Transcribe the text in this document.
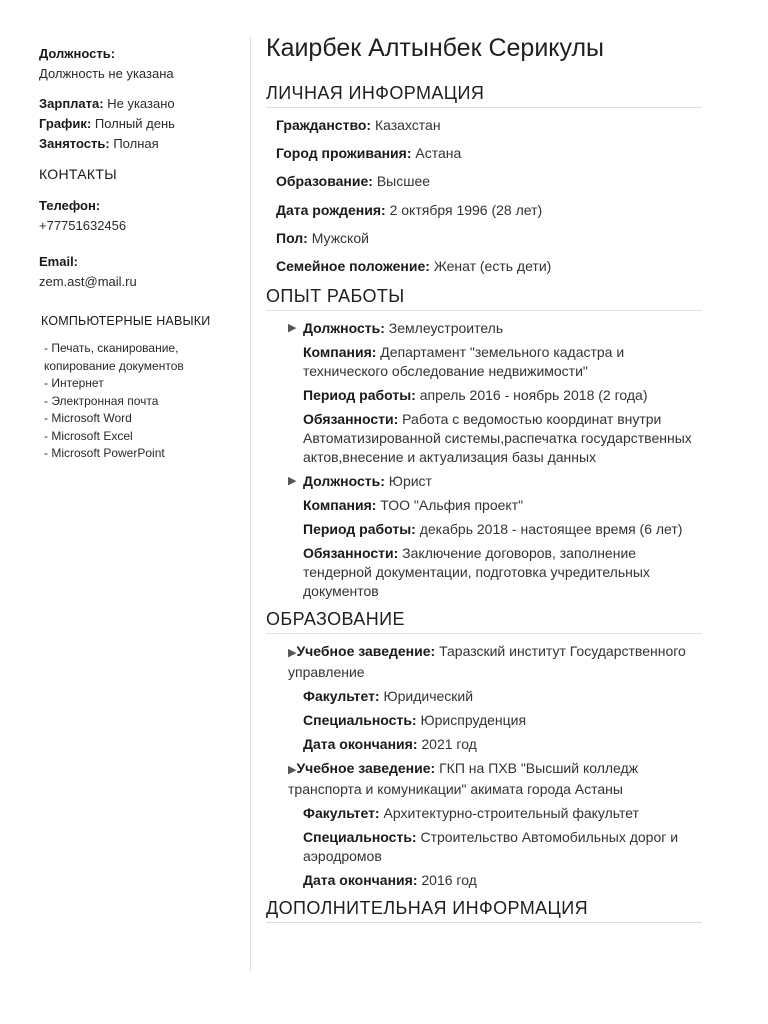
Должность:
Должность не указана
Зарплата: Не указано
График: Полный день
Занятость: Полная
КОНТАКТЫ
Телефон:
+77751632456
Email:
zem.ast@mail.ru
КОМПЬЮТЕРНЫЕ НАВЫКИ
- Печать, сканирование, копирование документов
- Интернет
- Электронная почта
- Microsoft Word
- Microsoft Excel
- Microsoft PowerPoint
Каирбек Алтынбек Серикулы
ЛИЧНАЯ ИНФОРМАЦИЯ
Гражданство: Казахстан
Город проживания: Астана
Образование: Высшее
Дата рождения: 2 октября 1996 (28 лет)
Пол: Мужской
Семейное положение: Женат (есть дети)
ОПЫТ РАБОТЫ
▶ Должность: Землеустроитель
Компания: Департамент "земельного кадастра и технического обследование недвижимости"
Период работы: апрель 2016 - ноябрь 2018 (2 года)
Обязанности: Работа с ведомостью координат внутри Автоматизированной системы,распечатка государственных актов,внесение и актуализация базы данных
▶ Должность: Юрист
Компания: ТОО "Альфия проект"
Период работы: декабрь 2018 - настоящее время (6 лет)
Обязанности: Заключение договоров, заполнение тендерной документации, подготовка учредительных документов
ОБРАЗОВАНИЕ
▶Учебное заведение: Таразский институт Государственного управление
Факультет: Юридический
Специальность: Юриспруденция
Дата окончания: 2021 год
▶Учебное заведение: ГКП на ПХВ "Высший колледж транспорта и комуникации" акимата города Астаны
Факультет: Архитектурно-строительный факультет
Специальность: Строительство Автомобильных дорог и аэродромов
Дата окончания: 2016 год
ДОПОЛНИТЕЛЬНАЯ ИНФОРМАЦИЯ
